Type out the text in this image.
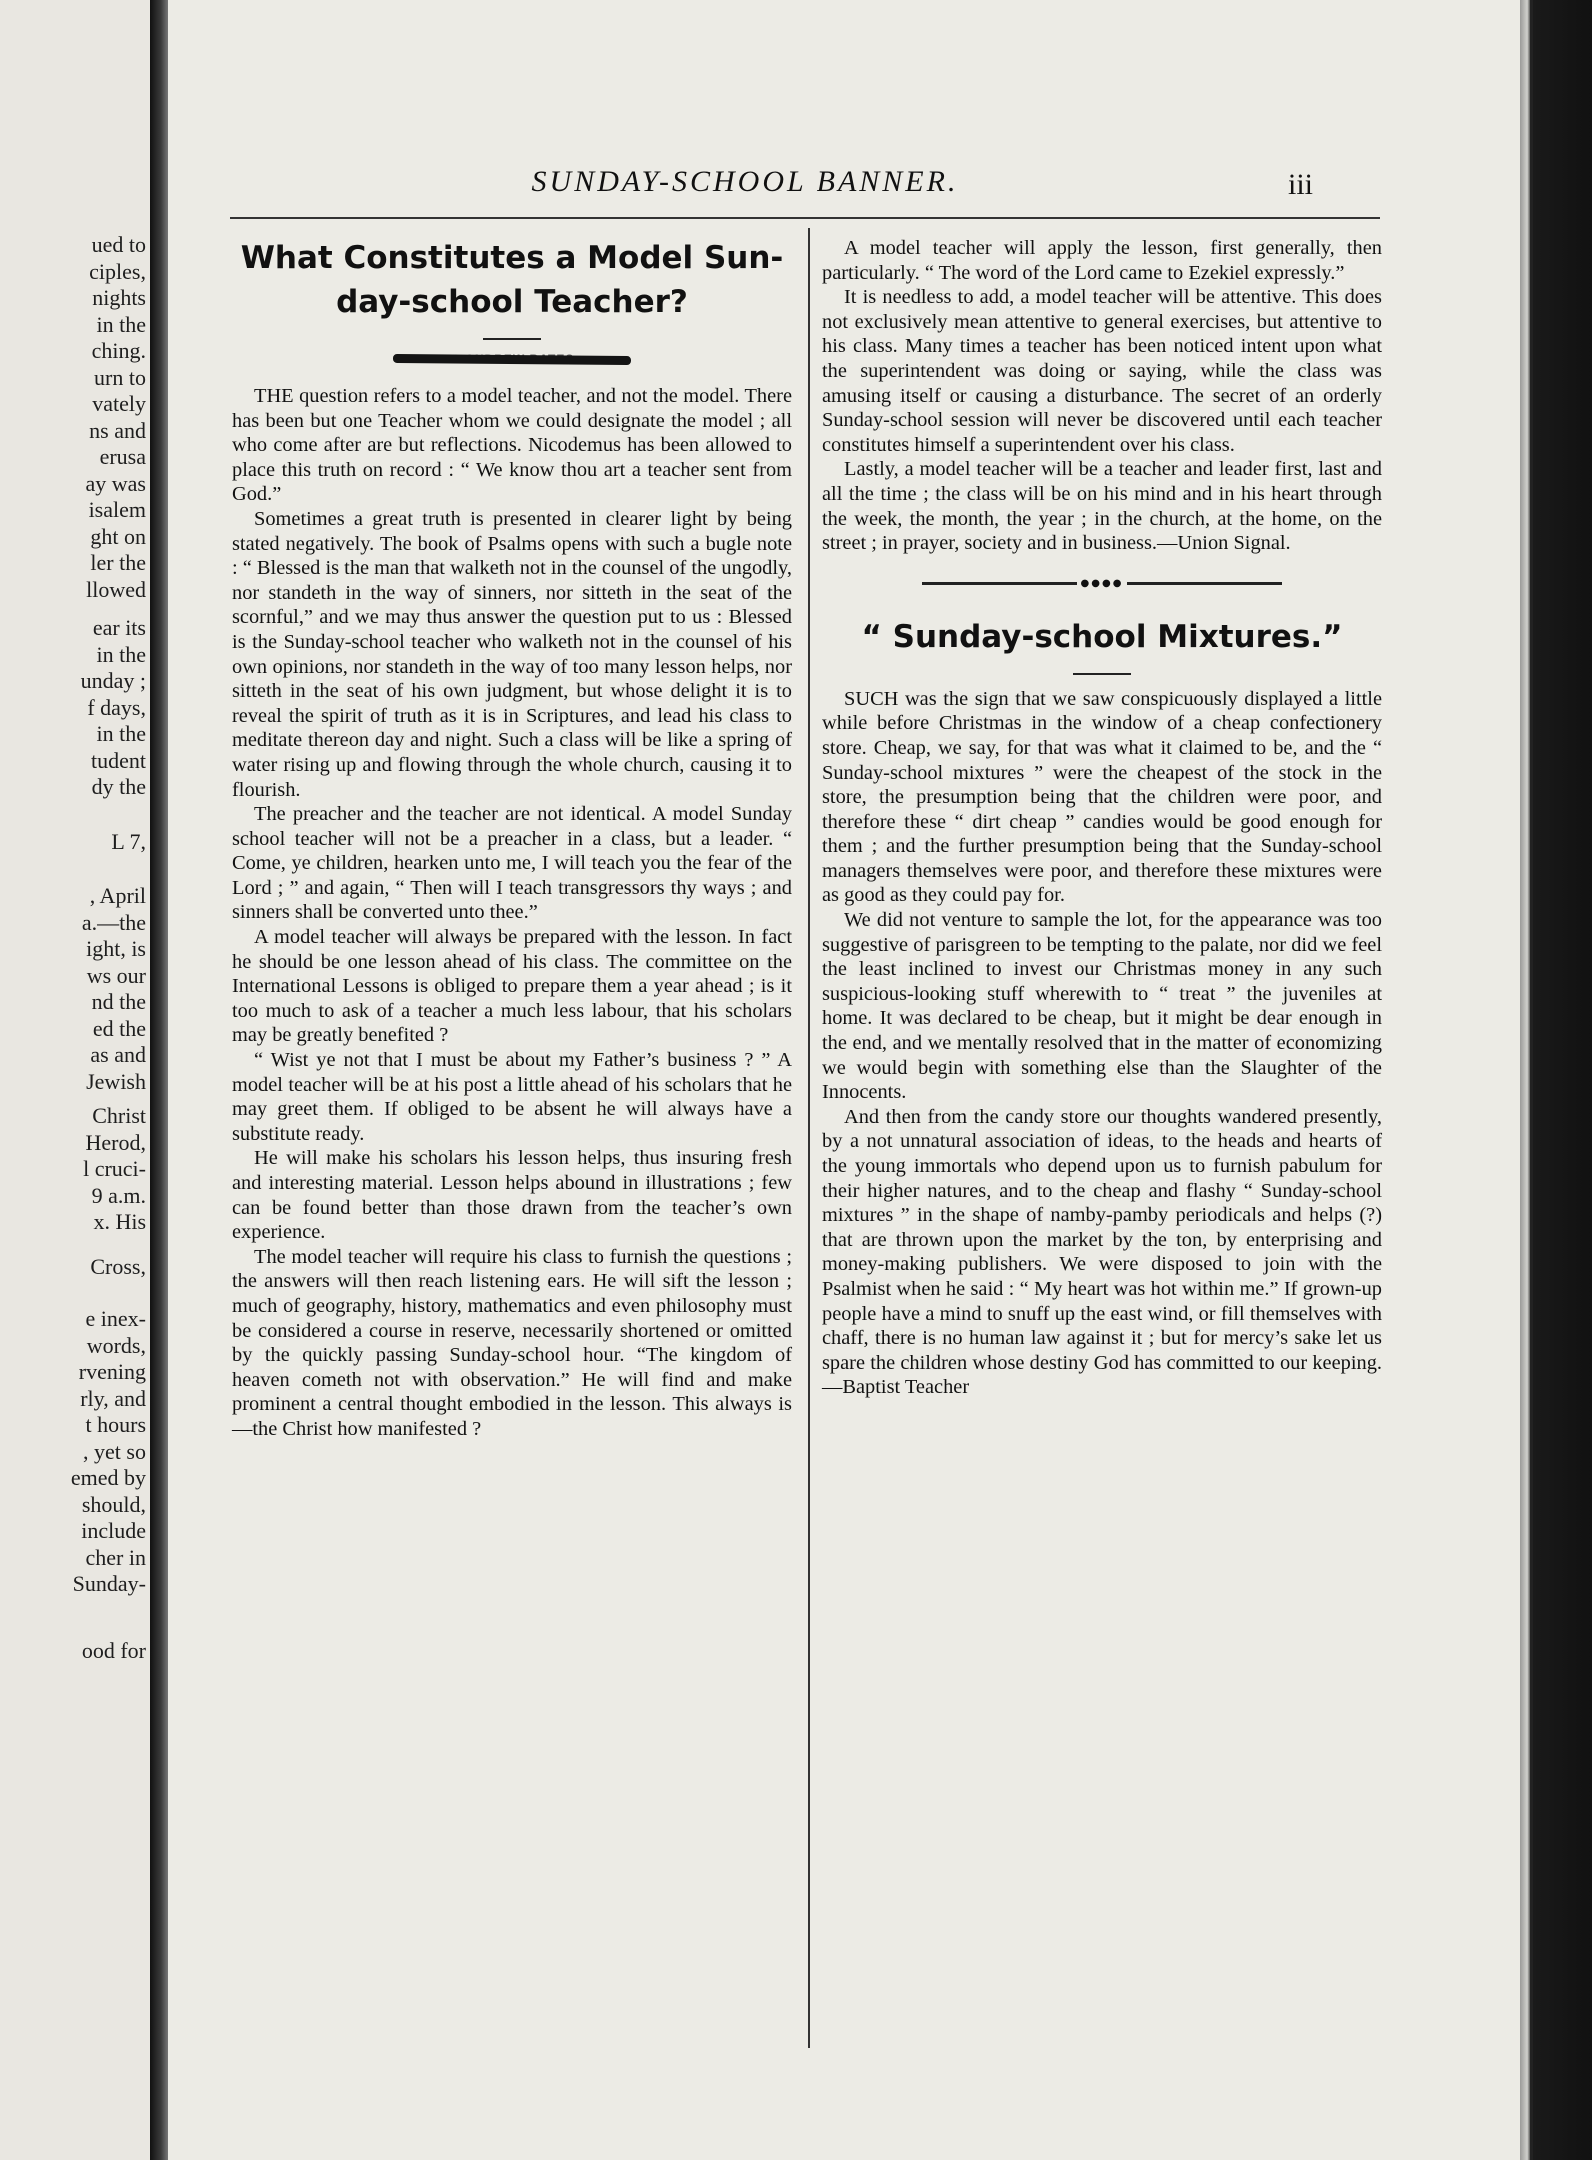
ued to
ciples,
nights
in the
ching.
urn to
vately
ns and
erusa
ay was
isalem
ght on
ler the
llowed
ear its
in the
unday ;
f days,
in the
tudent
dy the
L 7,
, April
a.—the
ight, is
ws our
nd the
ed the
as and
Jewish
Christ
Herod,
l cruci-
9 a.m.
x. His
Cross,
e inex-
words,
rvening
rly, and
t hours
, yet so
emed by
should,
include
cher in
Sunday-
ood for
SUNDAY-SCHOOL BANNER.	iii
What Constitutes a Model Sun-
day-school Teacher?

THE question refers to a model teacher, and not the model. There has been but one Teacher whom we could designate the model ; all who come after are but reflections. Nicodemus has been allowed to place this truth on record : “ We know thou art a teacher sent from God.”

Sometimes a great truth is presented in clearer light by being stated negatively. The book of Psalms opens with such a bugle note : “ Blessed is the man that walketh not in the counsel of the ungodly, nor standeth in the way of sinners, nor sitteth in the seat of the scornful,” and we may thus answer the question put to us : Blessed is the Sunday-school teacher who walketh not in the counsel of his own opinions, nor standeth in the way of too many lesson helps, nor sitteth in the seat of his own judgment, but whose delight it is to reveal the spirit of truth as it is in Scriptures, and lead his class to meditate thereon day and night. Such a class will be like a spring of water rising up and flowing through the whole church, causing it to flourish.

The preacher and the teacher are not identical. A model Sunday school teacher will not be a preacher in a class, but a leader. “ Come, ye children, hearken unto me, I will teach you the fear of the Lord ; ” and again, “ Then will I teach transgressors thy ways ; and sinners shall be converted unto thee.”

A model teacher will always be prepared with the lesson. In fact he should be one lesson ahead of his class. The committee on the International Lessons is obliged to prepare them a year ahead ; is it too much to ask of a teacher a much less labour, that his scholars may be greatly benefited ?

“ Wist ye not that I must be about my Father’s business ? ” A model teacher will be at his post a little ahead of his scholars that he may greet them. If obliged to be absent he will always have a substitute ready.

He will make his scholars his lesson helps, thus insuring fresh and interesting material. Lesson helps abound in illustrations ; few can be found better than those drawn from the teacher’s own experience.

The model teacher will require his class to furnish the questions ; the answers will then reach listening ears. He will sift the lesson ; much of geography, history, mathematics and even philosophy must be considered a course in reserve, necessarily shortened or omitted by the quickly passing Sunday-school hour. “The kingdom of heaven cometh not with observation.” He will find and make prominent a central thought embodied in the lesson. This always is—the Christ how manifested ?

A model teacher will apply the lesson, first generally, then particularly. “ The word of the Lord came to Ezekiel expressly.”

It is needless to add, a model teacher will be attentive. This does not exclusively mean attentive to general exercises, but attentive to his class. Many times a teacher has been noticed intent upon what the superintendent was doing or saying, while the class was amusing itself or causing a disturbance. The secret of an orderly Sunday-school session will never be discovered until each teacher constitutes himself a superintendent over his class.

Lastly, a model teacher will be a teacher and leader first, last and all the time ; the class will be on his mind and in his heart through the week, the month, the year ; in the church, at the home, on the street ; in prayer, society and in business.—Union Signal.

●●●●
“ Sunday-school Mixtures.”

SUCH was the sign that we saw conspicuously displayed a little while before Christmas in the window of a cheap confectionery store. Cheap, we say, for that was what it claimed to be, and the “ Sunday-school mixtures ” were the cheapest of the stock in the store, the presumption being that the children were poor, and therefore these “ dirt cheap ” candies would be good enough for them ; and the further presumption being that the Sunday-school managers themselves were poor, and therefore these mixtures were as good as they could pay for.

We did not venture to sample the lot, for the appearance was too suggestive of parisgreen to be tempting to the palate, nor did we feel the least inclined to invest our Christmas money in any such suspicious-looking stuff wherewith to “ treat ” the juveniles at home. It was declared to be cheap, but it might be dear enough in the end, and we mentally resolved that in the matter of economizing we would begin with something else than the Slaughter of the Innocents.

And then from the candy store our thoughts wandered presently, by a not unnatural association of ideas, to the heads and hearts of the young immortals who depend upon us to furnish pabulum for their higher natures, and to the cheap and flashy “ Sunday-school mixtures ” in the shape of namby-pamby periodicals and helps (?) that are thrown upon the market by the ton, by enterprising and money-making publishers. We were disposed to join with the Psalmist when he said : “ My heart was hot within me.” If grown-up people have a mind to snuff up the east wind, or fill themselves with chaff, there is no human law against it ; but for mercy’s sake let us spare the children whose destiny God has committed to our keeping.—Baptist Teacher
